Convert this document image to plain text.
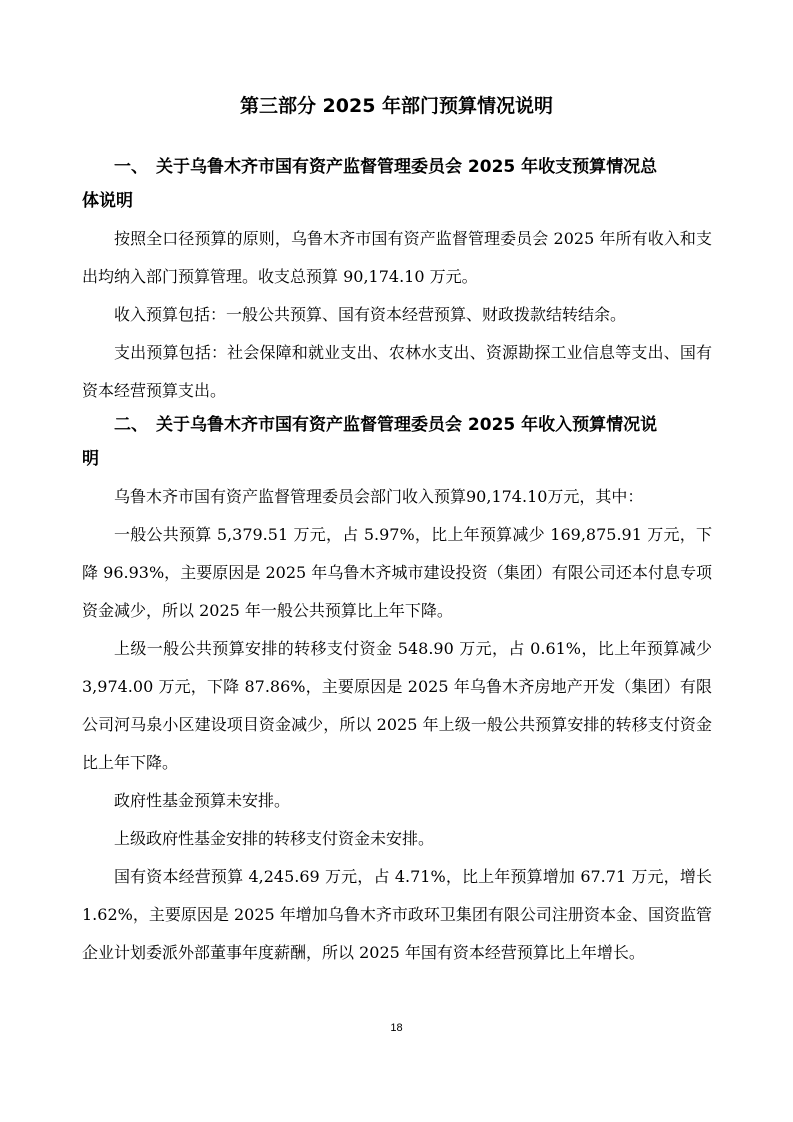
第三部分 2025 年部门预算情况说明
一、 关于乌鲁木齐市国有资产监督管理委员会 2025 年收支预算情况总
体说明
按照全口径预算的原则，乌鲁木齐市国有资产监督管理委员会 2025 年所有收入和支出均纳入部门预算管理。收支总预算 90,174.10 万元。
收入预算包括：一般公共预算、国有资本经营预算、财政拨款结转结余。
支出预算包括：社会保障和就业支出、农林水支出、资源勘探工业信息等支出、国有资本经营预算支出。
二、 关于乌鲁木齐市国有资产监督管理委员会 2025 年收入预算情况说
明
乌鲁木齐市国有资产监督管理委员会部门收入预算90,174.10万元，其中：
一般公共预算 5,379.51 万元，占 5.97%，比上年预算减少 169,875.91 万元，下降 96.93%，主要原因是 2025 年乌鲁木齐城市建设投资（集团）有限公司还本付息专项资金减少，所以 2025 年一般公共预算比上年下降。
上级一般公共预算安排的转移支付资金 548.90 万元，占 0.61%，比上年预算减少 3,974.00 万元，下降 87.86%，主要原因是 2025 年乌鲁木齐房地产开发（集团）有限公司河马泉小区建设项目资金减少，所以 2025 年上级一般公共预算安排的转移支付资金比上年下降。
政府性基金预算未安排。
上级政府性基金安排的转移支付资金未安排。
国有资本经营预算 4,245.69 万元，占 4.71%，比上年预算增加 67.71 万元，增长 1.62%，主要原因是 2025 年增加乌鲁木齐市政环卫集团有限公司注册资本金、国资监管企业计划委派外部董事年度薪酬，所以 2025 年国有资本经营预算比上年增长。
18
